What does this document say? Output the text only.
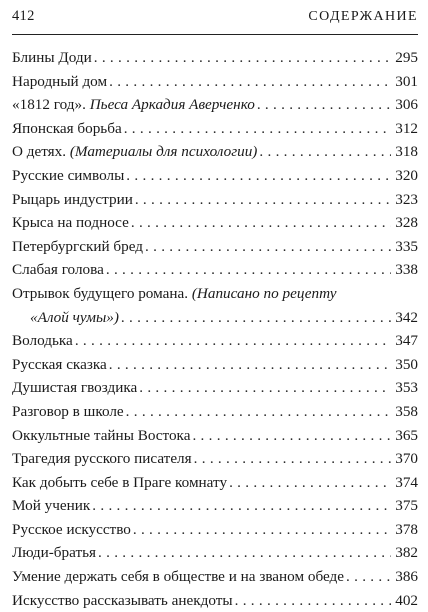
412	СОДЕРЖАНИЕ
Блины Доди . . .	295
Народный дом . . .	301
«1812 год». Пьеса Аркадия Аверченко . . .	306
Японская борьба . . .	312
О детях. (Материалы для психологии) . . .	318
Русские символы . . .	320
Рыцарь индустрии . . .	323
Крыса на подносе . . .	328
Петербургский бред . . .	335
Слабая голова . . .	338
Отрывок будущего романа. (Написано по рецепту
«Алой чумы») . . .	342
Володька . . .	347
Русская сказка . . .	350
Душистая гвоздика . . .	353
Разговор в школе . . .	358
Оккультные тайны Востока . . .	365
Трагедия русского писателя . . .	370
Как добыть себе в Праге комнату . . .	374
Мой ученик . . .	375
Русское искусство . . .	378
Люди-братья . . .	382
Умение держать себя в обществе и на званом обеде . . .	386
Искусство рассказывать анекдоты . . .	402
